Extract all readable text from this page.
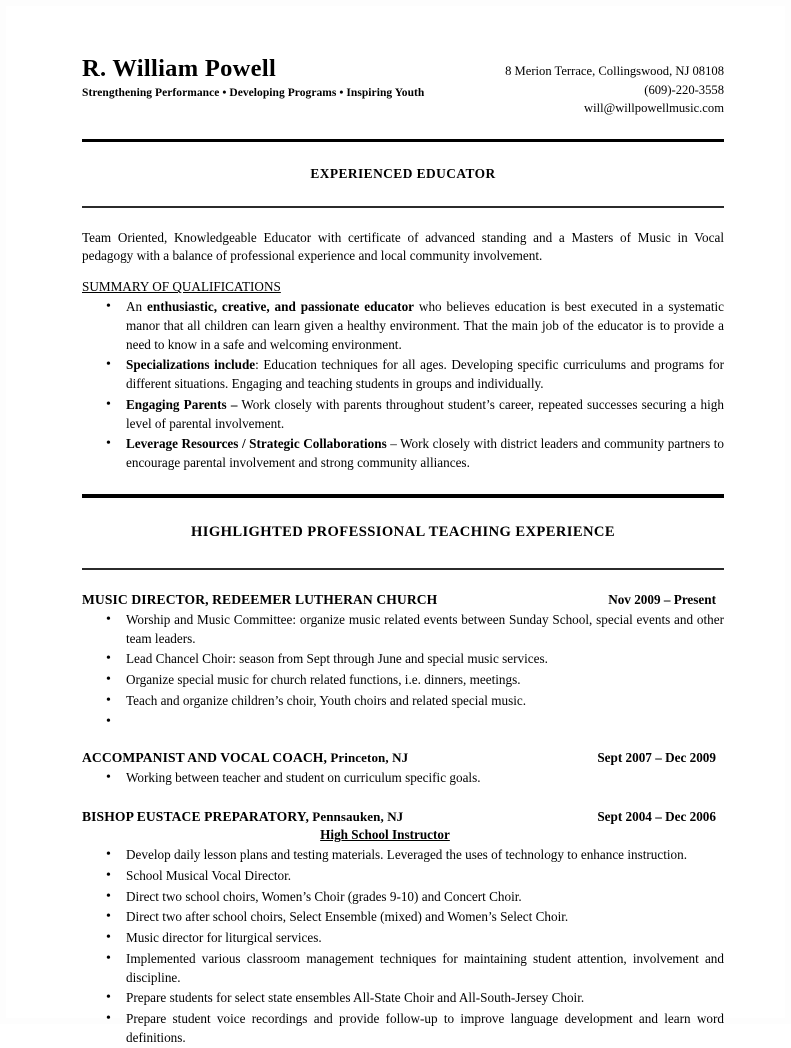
R. William Powell
Strengthening Performance • Developing Programs • Inspiring Youth
8 Merion Terrace, Collingswood, NJ 08108
(609)-220-3558
will@willpowellmusic.com
EXPERIENCED EDUCATOR
Team Oriented, Knowledgeable Educator with certificate of advanced standing and a Masters of Music in Vocal pedagogy with a balance of professional experience and local community involvement.
SUMMARY OF QUALIFICATIONS
• An enthusiastic, creative, and passionate educator who believes education is best executed in a systematic manor that all children can learn given a healthy environment. That the main job of the educator is to provide a need to know in a safe and welcoming environment.
• Specializations include: Education techniques for all ages. Developing specific curriculums and programs for different situations. Engaging and teaching students in groups and individually.
• Engaging Parents – Work closely with parents throughout student’s career, repeated successes securing a high level of parental involvement.
• Leverage Resources / Strategic Collaborations – Work closely with district leaders and community partners to encourage parental involvement and strong community alliances.
HIGHLIGHTED PROFESSIONAL TEACHING EXPERIENCE
MUSIC DIRECTOR, REDEEMER LUTHERAN CHURCH	Nov 2009 – Present
• Worship and Music Committee: organize music related events between Sunday School, special events and other team leaders.
• Lead Chancel Choir: season from Sept through June and special music services.
• Organize special music for church related functions, i.e. dinners, meetings.
• Teach and organize children’s choir, Youth choirs and related special music.
•
ACCOMPANIST AND VOCAL COACH, Princeton, NJ	Sept 2007 – Dec 2009
• Working between teacher and student on curriculum specific goals.
BISHOP EUSTACE PREPARATORY, Pennsauken, NJ	Sept 2004 – Dec 2006
High School Instructor
• Develop daily lesson plans and testing materials. Leveraged the uses of technology to enhance instruction.
• School Musical Vocal Director.
• Direct two school choirs, Women’s Choir (grades 9-10) and Concert Choir.
• Direct two after school choirs, Select Ensemble (mixed) and Women’s Select Choir.
• Music director for liturgical services.
• Implemented various classroom management techniques for maintaining student attention, involvement and discipline.
• Prepare students for select state ensembles All-State Choir and All-South-Jersey Choir.
• Prepare student voice recordings and provide follow-up to improve language development and learn word definitions.
